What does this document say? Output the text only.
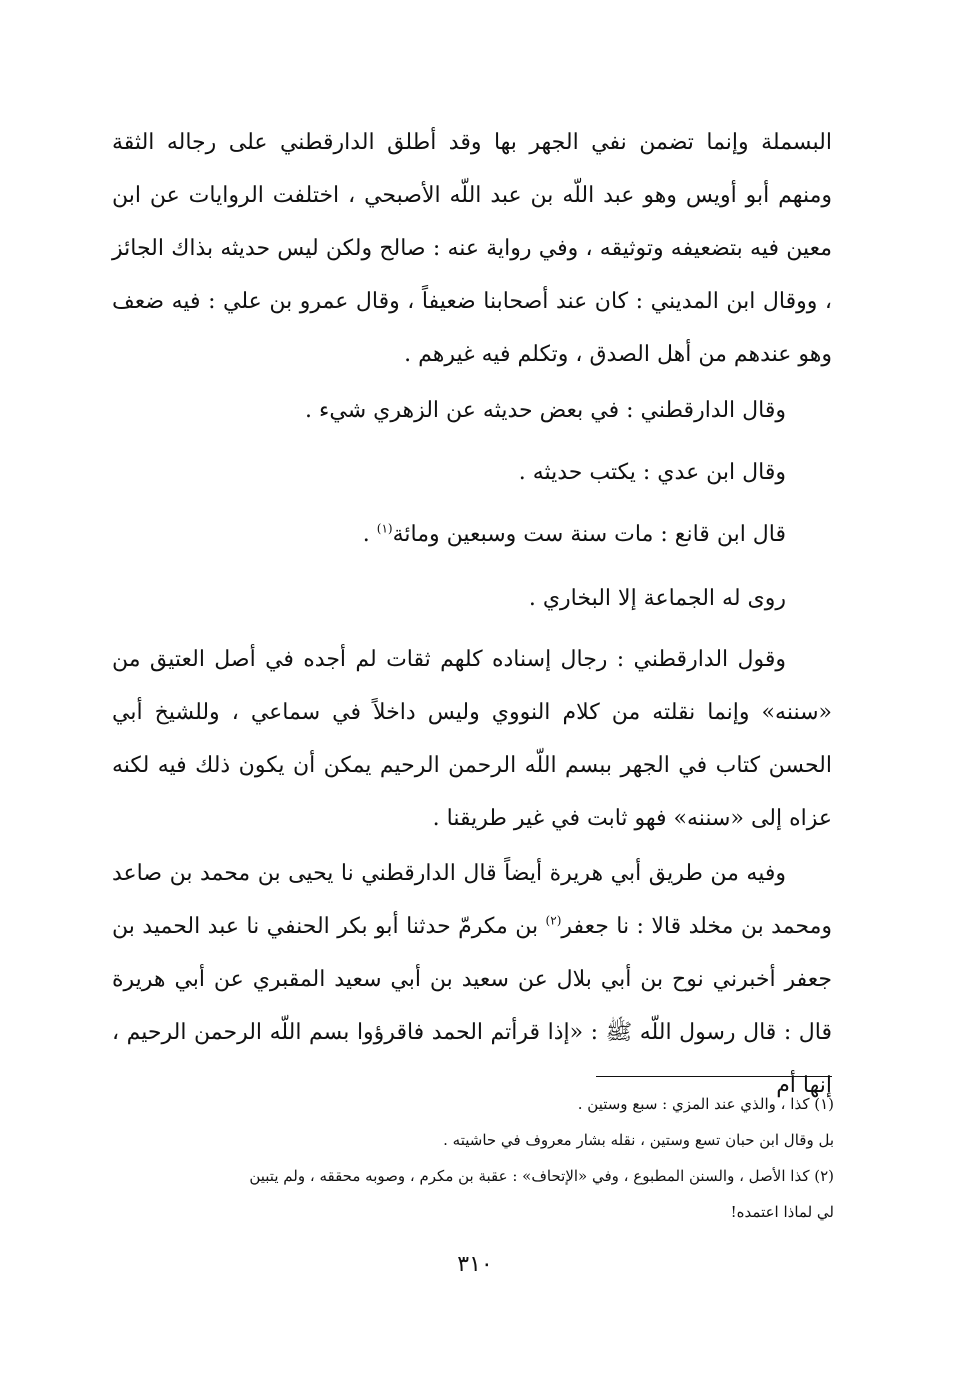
البسملة وإنما تضمن نفي الجهر بها وقد أطلق الدارقطني على رجاله الثقة ومنهم أبو أويس وهو عبد اللّه بن عبد اللّه الأصبحي ، اختلفت الروايات عن ابن معين فيه بتضعيفه وتوثيقه ، وفي رواية عنه : صالح ولكن ليس حديثه بذاك الجائز ، ووقال ابن المديني : كان عند أصحابنا ضعيفاً ، وقال عمرو بن علي : فيه ضعف وهو عندهم من أهل الصدق ، وتكلم فيه غيرهم .

وقال الدارقطني : في بعض حديثه عن الزهري شيء .

وقال ابن عدي : يكتب حديثه .

قال ابن قانع : مات سنة ست وسبعين ومائة$^{(١)}$ .

روى له الجماعة إلا البخاري .

وقول الدارقطني : رجال إسناده كلهم ثقات لم أجده في أصل العتيق من «سننه» وإنما نقلته من كلام النووي وليس داخلاً في سماعي ، وللشيخ أبي الحسن كتاب في الجهر ببسم اللّه الرحمن الرحيم يمكن أن يكون ذلك فيه لكنه عزاه إلى «سننه» فهو ثابت في غير طريقنا .

وفيه من طريق أبي هريرة أيضاً قال الدارقطني نا يحيى بن محمد بن صاعد ومحمد بن مخلد قالا : نا جعفر$^{(٢)}$ بن مكرمّ حدثنا أبو بكر الحنفي نا عبد الحميد بن جعفر أخبرني نوح بن أبي بلال عن سعيد بن أبي سعيد المقبري عن أبي هريرة قال : قال رسول اللّه ﷺ : «إذا قرأتم الحمد فاقرؤوا بسم اللّه الرحمن الرحيم ، إنها أم

(١) كذا ، والذي عند المزي : سبع وستين .

بل وقال ابن حبان تسع وستين ، نقله بشار معروف في حاشيته .

(٢) كذا الأصل ، والسنن المطبوع ، وفي «الإتحاف» : عقبة بن مكرم ، وصوبه محققه ، ولم يتبين

لي لماذا اعتمده!

٣١٠
